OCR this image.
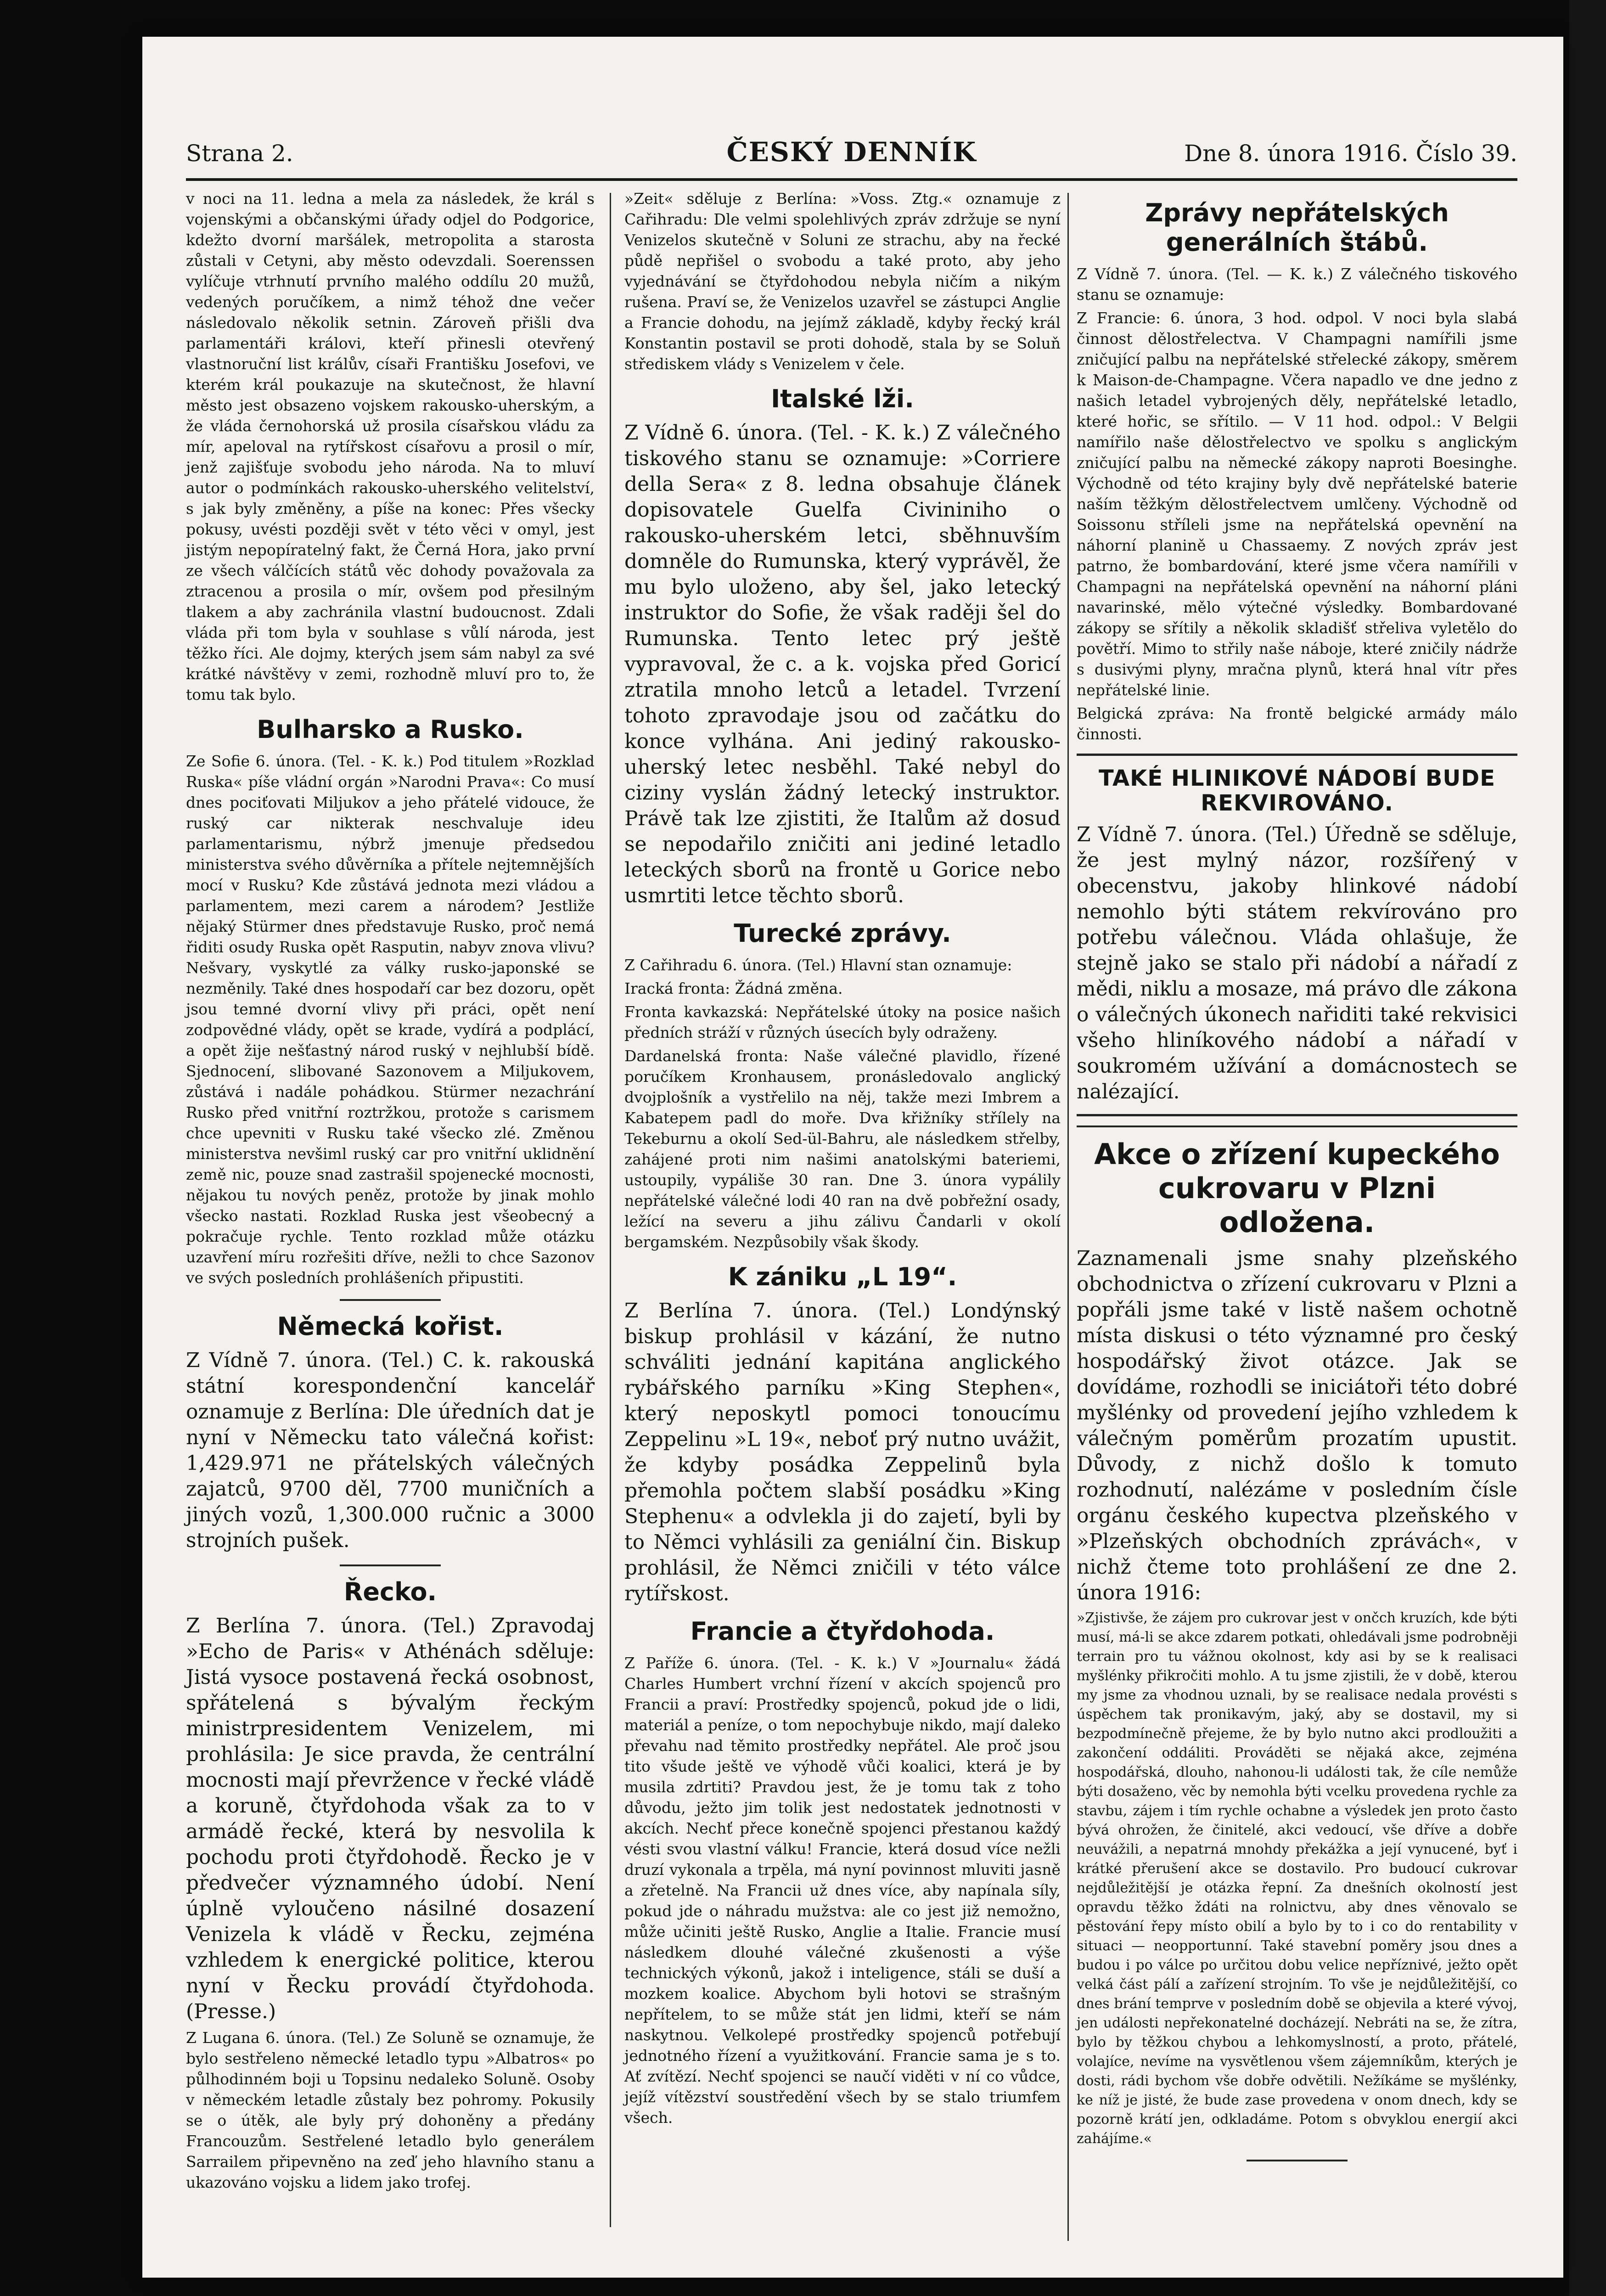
Strana 2.	ČESKÝ DENNÍK	Dne 8. února 1916. Číslo 39.

v noci na 11. ledna a mela za následek, že král s vojenskými a občanskými úřady odjel do Podgorice, kdežto dvorní maršálek, metropolita a starosta zůstali v Cetyni, aby město odevzdali. Soerenssen vylíčuje vtrhnutí prvního malého oddílu 20 mužů, vedených poručíkem, a nimž téhož dne večer následovalo několik setnin. Zároveň přišli dva parlamentáři královi, kteří přinesli otevřený vlastnoruční list králův, císaři Františku Josefovi, ve kterém král poukazuje na skutečnost, že hlavní město jest obsazeno vojskem rakousko-uherským, a že vláda černohorská už prosila císařskou vládu za mír, apeloval na rytířskost císařovu a prosil o mír, jenž zajišťuje svobodu jeho národa. Na to mluví autor o podmínkách rakousko-uherského velitelství, s jak byly změněny, a píše na konec: Přes všecky pokusy, uvésti později svět v této věci v omyl, jest jistým nepopíratelný fakt, že Černá Hora, jako první ze všech válčících států věc dohody považovala za ztracenou a prosila o mír, ovšem pod přesilným tlakem a aby zachránila vlastní budoucnost. Zdali vláda při tom byla v souhlase s vůlí národa, jest těžko říci. Ale dojmy, kterých jsem sám nabyl za své krátké návštěvy v zemi, rozhodně mluví pro to, že tomu tak bylo.

Bulharsko a Rusko.

Ze Sofie 6. února. (Tel. - K. k.) Pod titulem »Rozklad Ruska« píše vládní orgán »Narodni Prava«: Co musí dnes pociťovati Miljukov a jeho přátelé vidouce, že ruský car nikterak neschvaluje ideu parlamentarismu, nýbrž jmenuje předsedou ministerstva svého důvěrníka a přítele nejtemnějších mocí v Rusku? Kde zůstává jednota mezi vládou a parlamentem, mezi carem a národem? Jestliže nějaký Stürmer dnes představuje Rusko, proč nemá řiditi osudy Ruska opět Rasputin, nabyv znova vlivu? Nešvary, vyskytlé za války rusko-japonské se nezměnily. Také dnes hospodaří car bez dozoru, opět jsou temné dvorní vlivy při práci, opět není zodpovědné vlády, opět se krade, vydírá a podplácí, a opět žije nešťastný národ ruský v nejhlubší bídě. Sjednocení, slibované Sazonovem a Miljukovem, zůstává i nadále pohádkou. Stürmer nezachrání Rusko před vnitřní roztržkou, protože s carismem chce upevniti v Rusku také všecko zlé. Změnou ministerstva nevšiml ruský car pro vnitřní uklidnění země nic, pouze snad zastrašil spojenecké mocnosti, nějakou tu nových peněz, protože by jinak mohlo všecko nastati. Rozklad Ruska jest všeobecný a pokračuje rychle. Tento rozklad může otázku uzavření míru rozřešiti dříve, nežli to chce Sazonov ve svých posledních prohlášeních připustiti.

Německá kořist.

Z Vídně 7. února. (Tel.) C. k. rakouská státní korespondenční kancelář oznamuje z Berlína: Dle úředních dat je nyní v Německu tato válečná kořist: 1,429.971 ne přátelských válečných zajatců, 9700 děl, 7700 muničních a jiných vozů, 1,300.000 ručnic a 3000 strojních pušek.

Řecko.

Z Berlína 7. února. (Tel.) Zpravodaj »Echo de Paris« v Athénách sděluje: Jistá vysoce postavená řecká osobnost, spřátelená s bývalým řeckým ministrpresidentem Venizelem, mi prohlásila: Je sice pravda, že centrální mocnosti mají převržence v řecké vládě a koruně, čtyřdohoda však za to v armádě řecké, která by nesvolila k pochodu proti čtyřdohodě. Řecko je v předvečer významného údobí. Není úplně vyloučeno násilné dosazení Venizela k vládě v Řecku, zejména vzhledem k energické politice, kterou nyní v Řecku provádí čtyřdohoda. (Presse.)

Z Lugana 6. února. (Tel.) Ze Soluně se oznamuje, že bylo sestřeleno německé letadlo typu »Albatros« po půlhodinném boji u Topsinu nedaleko Soluně. Osoby v německém letadle zůstaly bez pohromy. Pokusily se o útěk, ale byly prý dohoněny a předány Francouzům. Sestřelené letadlo bylo generálem Sarrailem připevněno na zeď jeho hlavního stanu a ukazováno vojsku a lidem jako trofej.

»Zeit« sděluje z Berlína: »Voss. Ztg.« oznamuje z Cařihradu: Dle velmi spolehlivých zpráv zdržuje se nyní Venizelos skutečně v Soluni ze strachu, aby na řecké půdě nepřišel o svobodu a také proto, aby jeho vyjednávání se čtyřdohodou nebyla ničím a nikým rušena. Praví se, že Venizelos uzavřel se zástupci Anglie a Francie dohodu, na jejímž základě, kdyby řecký král Konstantin postavil se proti dohodě, stala by se Soluň střediskem vlády s Venizelem v čele.

Italské lži.

Z Vídně 6. února. (Tel. - K. k.) Z válečného tiskového stanu se oznamuje: »Corriere della Sera« z 8. ledna obsahuje článek dopisovatele Guelfa Civininiho o rakousko-uherském letci, sběhnuvším domněle do Rumunska, který vyprávěl, že mu bylo uloženo, aby šel, jako letecký instruktor do Sofie, že však raději šel do Rumunska. Tento letec prý ještě vypravoval, že c. a k. vojska před Goricí ztratila mnoho letců a letadel. Tvrzení tohoto zpravodaje jsou od začátku do konce vylhána. Ani jediný rakousko-uherský letec nesběhl. Také nebyl do ciziny vyslán žádný letecký instruktor. Právě tak lze zjistiti, že Italům až dosud se nepodařilo zničiti ani jediné letadlo leteckých sborů na frontě u Gorice nebo usmrtiti letce těchto sborů.

Turecké zprávy.

Z Cařihradu 6. února. (Tel.) Hlavní stan oznamuje:

Iracká fronta: Žádná změna.

Fronta kavkazská: Nepřátelské útoky na posice našich předních stráží v různých úsecích byly odraženy.

Dardanelská fronta: Naše válečné plavidlo, řízené poručíkem Kronhausem, pronásledovalo anglický dvojplošník a vystřelilo na něj, takže mezi Imbrem a Kabatepem padl do moře. Dva křižníky střílely na Tekeburnu a okolí Sed-ül-Bahru, ale následkem střelby, zahájené proti nim našimi anatolskými bateriemi, ustoupily, vypáliše 30 ran. Dne 3. února vypálily nepřátelské válečné lodi 40 ran na dvě pobřežní osady, ležící na severu a jihu zálivu Čandarli v okolí bergamském. Nezpůsobily však škody.

K zániku „L 19“.

Z Berlína 7. února. (Tel.) Londýnský biskup prohlásil v kázání, že nutno schváliti jednání kapitána anglického rybářského parníku »King Stephen«, který neposkytl pomoci tonoucímu Zeppelinu »L 19«, neboť prý nutno uvážit, že kdyby posádka Zeppelinů byla přemohla počtem slabší posádku »King Stephenu« a odvlekla ji do zajetí, byli by to Němci vyhlásili za geniální čin. Biskup prohlásil, že Němci zničili v této válce rytířskost.

Francie a čtyřdohoda.

Z Paříže 6. února. (Tel. - K. k.) V »Journalu« žádá Charles Humbert vrchní řízení v akcích spojenců pro Francii a praví: Prostředky spojenců, pokud jde o lidi, materiál a peníze, o tom nepochybuje nikdo, mají daleko převahu nad těmito prostředky nepřátel. Ale proč jsou tito všude ještě ve výhodě vůči koalici, která je by musila zdrtiti? Pravdou jest, že je tomu tak z toho důvodu, ježto jim tolik jest nedostatek jednotnosti v akcích. Nechť přece konečně spojenci přestanou každý vésti svou vlastní válku! Francie, která dosud více nežli druzí vykonala a trpěla, má nyní povinnost mluviti jasně a zřetelně. Na Francii už dnes více, aby napínala síly, pokud jde o náhradu mužstva: ale co jest již nemožno, může učiniti ještě Rusko, Anglie a Italie. Francie musí následkem dlouhé válečné zkušenosti a výše technických výkonů, jakož i inteligence, stáli se duší a mozkem koalice. Abychom byli hotovi se strašným nepřítelem, to se může stát jen lidmi, kteří se nám naskytnou. Velkolepé prostředky spojenců potřebují jednotného řízení a využitkování. Francie sama je s to. Ať zvítězí. Nechť spojenci se naučí viděti v ní co vůdce, jejíž vítězství soustředění všech by se stalo triumfem všech.

Zprávy nepřátelských generálních štábů.

Z Vídně 7. února. (Tel. — K. k.) Z válečného tiskového stanu se oznamuje:

Z Francie: 6. února, 3 hod. odpol. V noci byla slabá činnost dělostřelectva. V Champagni namířili jsme zničující palbu na nepřátelské střelecké zákopy, směrem k Maison-de-Champagne. Včera napadlo ve dne jedno z našich letadel vybrojených děly, nepřátelské letadlo, které hořic, se sřítilo. — V 11 hod. odpol.: V Belgii namířilo naše dělostřelectvo ve spolku s anglickým zničující palbu na německé zákopy naproti Boesinghe. Východně od této krajiny byly dvě nepřátelské baterie naším těžkým dělostřelectvem umlčeny. Východně od Soissonu stříleli jsme na nepřátelská opevnění na náhorní planině u Chassaemy. Z nových zpráv jest patrno, že bombardování, které jsme včera namířili v Champagni na nepřátelská opevnění na náhorní pláni navarinské, mělo výtečné výsledky. Bombardované zákopy se sřítily a několik skladišť střeliva vyletělo do povětří. Mimo to střily naše náboje, které zničily nádrže s dusivými plyny, mračna plynů, která hnal vítr přes nepřátelské linie.

Belgická zpráva: Na frontě belgické armády málo činnosti.

TAKÉ HLINIKOVÉ NÁDOBÍ BUDE REKVIROVÁNO.

Z Vídně 7. února. (Tel.) Úředně se sděluje, že jest mylný názor, rozšířený v obecenstvu, jakoby hlinkové nádobí nemohlo býti státem rekvírováno pro potřebu válečnou. Vláda ohlašuje, že stejně jako se stalo při nádobí a nářadí z mědi, niklu a mosaze, má právo dle zákona o válečných úkonech nařiditi také rekvisici všeho hliníkového nádobí a nářadí v soukromém užívání a domácnostech se nalézající.

Akce o zřízení kupeckého cukrovaru v Plzni odložena.

Zaznamenali jsme snahy plzeňského obchodnictva o zřízení cukrovaru v Plzni a popřáli jsme také v listě našem ochotně místa diskusi o této významné pro český hospodářský život otázce. Jak se dovídáme, rozhodli se iniciátoři této dobré myšlénky od provedení jejího vzhledem k válečným poměrům prozatím upustit. Důvody, z nichž došlo k tomuto rozhodnutí, nalézáme v posledním čísle orgánu českého kupectva plzeňského v »Plzeňských obchodních zprávách«, v nichž čteme toto prohlášení ze dne 2. února 1916:

»Zjistivše, že zájem pro cukrovar jest v ončch kruzích, kde býti musí, má-li se akce zdarem potkati, ohledávali jsme podrobněji terrain pro tu vážnou okolnost, kdy asi by se k realisaci myšlénky přikročiti mohlo. A tu jsme zjistili, že v době, kterou my jsme za vhodnou uznali, by se realisace nedala provésti s úspěchem tak pronikavým, jaký, aby se dostavil, my si bezpodmínečně přejeme, že by bylo nutno akci prodloužiti a zakončení oddáliti. Prováděti se nějaká akce, zejména hospodářská, dlouho, nahonou-li události tak, že cíle nemůže býti dosaženo, věc by nemohla býti vcelku provedena rychle za stavbu, zájem i tím rychle ochabne a výsledek jen proto často bývá ohrožen, že činitelé, akci vedoucí, vše dříve a dobře neuvážili, a nepatrná mnohdy překážka a její vynucené, byť i krátké přerušení akce se dostavilo. Pro budoucí cukrovar nejdůležitější je otázka řepní. Za dnešních okolností jest opravdu těžko ždáti na rolnictvu, aby dnes věnovalo se pěstování řepy místo obilí a bylo by to i co do rentability v situaci — neopportunní. Také stavební poměry jsou dnes a budou i po válce po určitou dobu velice nepříznivé, ježto opět velká část pálí a zařízení strojním. To vše je nejdůležitější, co dnes brání temprve v posledním době se objevila a které vývoj, jen události nepřekonatelné docházejí. Nebráti na se, že zítra, bylo by těžkou chybou a lehkomyslností, a proto, přátelé, volajíce, nevíme na vysvětlenou všem zájemníkům, kterých je dosti, rádi bychom vše dobře odvětili. Nežíkáme se myšlénky, ke níž je jisté, že bude zase provedena v onom dnech, kdy se pozorně krátí jen, odkladáme. Potom s obvyklou energií akci zahájíme.«
